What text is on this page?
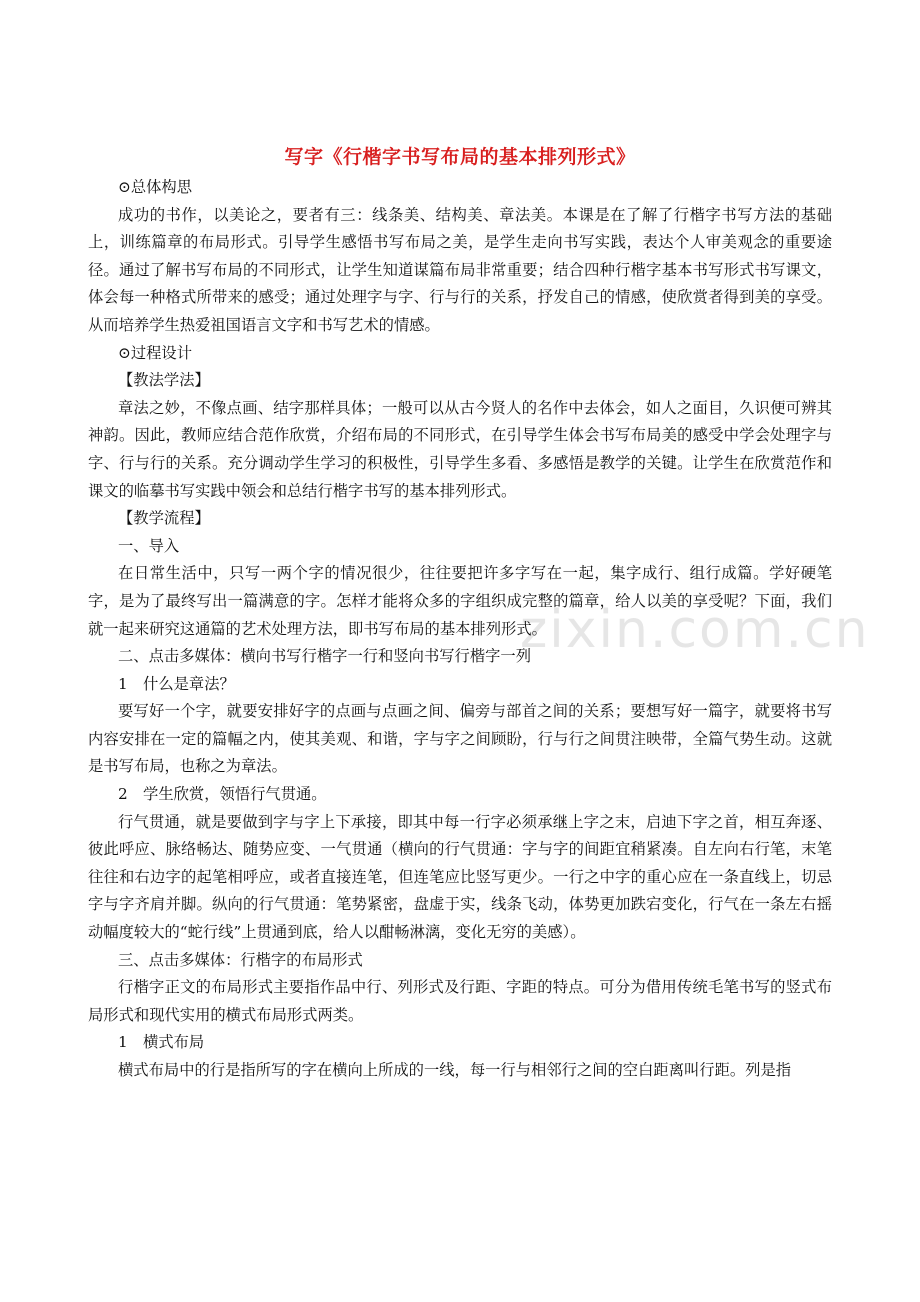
zixin.com.cn
写字《行楷字书写布局的基本排列形式》

⊙总体构思

成功的书作，以美论之，要者有三：线条美、结构美、章法美。本课是在了解了行楷字书写方法的基础上，训练篇章的布局形式。引导学生感悟书写布局之美，是学生走向书写实践，表达个人审美观念的重要途径。通过了解书写布局的不同形式，让学生知道谋篇布局非常重要；结合四种行楷字基本书写形式书写课文，体会每一种格式所带来的感受；通过处理字与字、行与行的关系，抒发自己的情感，使欣赏者得到美的享受。从而培养学生热爱祖国语言文字和书写艺术的情感。

⊙过程设计

【教法学法】

章法之妙，不像点画、结字那样具体；一般可以从古今贤人的名作中去体会，如人之面目，久识便可辨其神韵。因此，教师应结合范作欣赏，介绍布局的不同形式，在引导学生体会书写布局美的感受中学会处理字与字、行与行的关系。充分调动学生学习的积极性，引导学生多看、多感悟是教学的关键。让学生在欣赏范作和课文的临摹书写实践中领会和总结行楷字书写的基本排列形式。

【教学流程】

一、导入

在日常生活中，只写一两个字的情况很少，往往要把许多字写在一起，集字成行、组行成篇。学好硬笔字，是为了最终写出一篇满意的字。怎样才能将众多的字组织成完整的篇章，给人以美的享受呢？下面，我们就一起来研究这通篇的艺术处理方法，即书写布局的基本排列形式。

二、点击多媒体：横向书写行楷字一行和竖向书写行楷字一列

1　什么是章法？

要写好一个字，就要安排好字的点画与点画之间、偏旁与部首之间的关系；要想写好一篇字，就要将书写内容安排在一定的篇幅之内，使其美观、和谐，字与字之间顾盼，行与行之间贯注映带，全篇气势生动。这就是书写布局，也称之为章法。

2　学生欣赏，领悟行气贯通。

行气贯通，就是要做到字与字上下承接，即其中每一行字必须承继上字之末，启迪下字之首，相互奔逐、彼此呼应、脉络畅达、随势应变、一气贯通（横向的行气贯通：字与字的间距宜稍紧凑。自左向右行笔，末笔往往和右边字的起笔相呼应，或者直接连笔，但连笔应比竖写更少。一行之中字的重心应在一条直线上，切忌字与字齐肩并脚。纵向的行气贯通：笔势紧密，盘虚于实，线条飞动，体势更加跌宕变化，行气在一条左右摇动幅度较大的“蛇行线”上贯通到底，给人以酣畅淋漓，变化无穷的美感）。

三、点击多媒体：行楷字的布局形式

行楷字正文的布局形式主要指作品中行、列形式及行距、字距的特点。可分为借用传统毛笔书写的竖式布局形式和现代实用的横式布局形式两类。

1　横式布局

横式布局中的行是指所写的字在横向上所成的一线，每一行与相邻行之间的空白距离叫行距。列是指
